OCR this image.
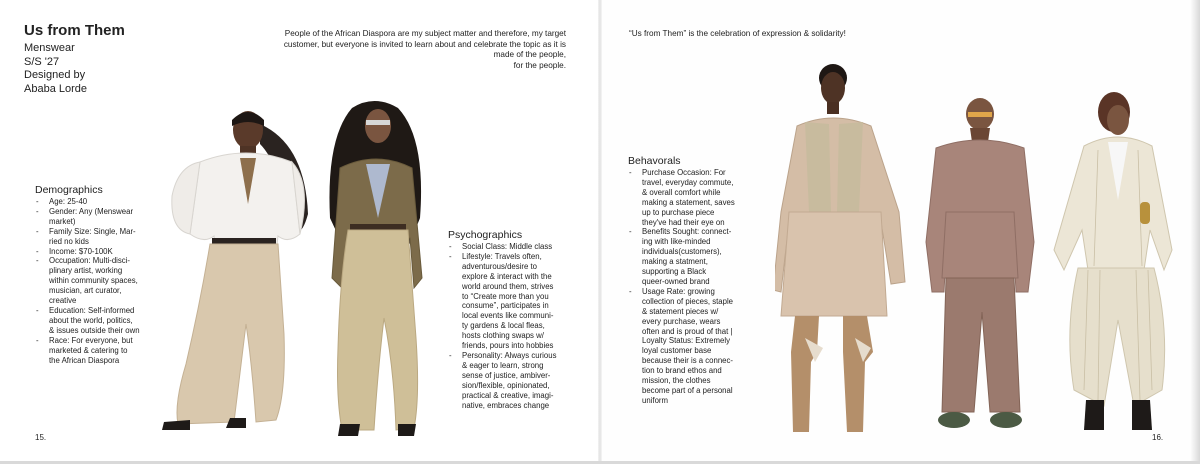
Us from Them
Menswear
S/S '27
Designed by
Ababa Lorde
People of the African Diaspora are my subject matter and therefore, my target
customer, but everyone is invited to learn about and celebrate the topic as it is
made of the people,
for the people.
“Us from Them” is the celebration of expression & solidarity!
Demographics
- Age: 25-40
- Gender: Any (Menswear
market)
- Family Size: Single, Mar-
ried no kids
- Income: $70-100K
- Occupation: Multi-disci-
plinary artist, working
within community spaces,
musician, art curator,
creative
- Education: Self-informed
about the world, politics,
& issues outside their own
- Race: For everyone, but
marketed & catering to
the African Diaspora
Psychographics
- Social Class: Middle class
- Lifestyle: Travels often,
adventurous/desire to
explore & interact with the
world around them, strives
to “Create more than you
consume”, participates in
local events like communi-
ty gardens & local fleas,
hosts clothing swaps w/
friends, pours into hobbies
- Personality: Always curious
& eager to learn, strong
sense of justice, ambiver-
sion/flexible, opinionated,
practical & creative, imagi-
native, embraces change
Behavorals
- Purchase Occasion: For
travel, everyday commute,
& overall comfort while
making a statement, saves
up to purchase piece
they've had their eye on
- Benefits Sought: connect-
ing with like-minded
individuals(customers),
making a statment,
supporting a Black
queer-owned brand
- Usage Rate: growing
collection of pieces, staple
& statement pieces w/
every purchase, wears
often and is proud of that |
Loyalty Status: Extremely
loyal customer base
because their is a connec-
tion to brand ethos and
mission, the clothes
become part of a personal
uniform
15.	16.
